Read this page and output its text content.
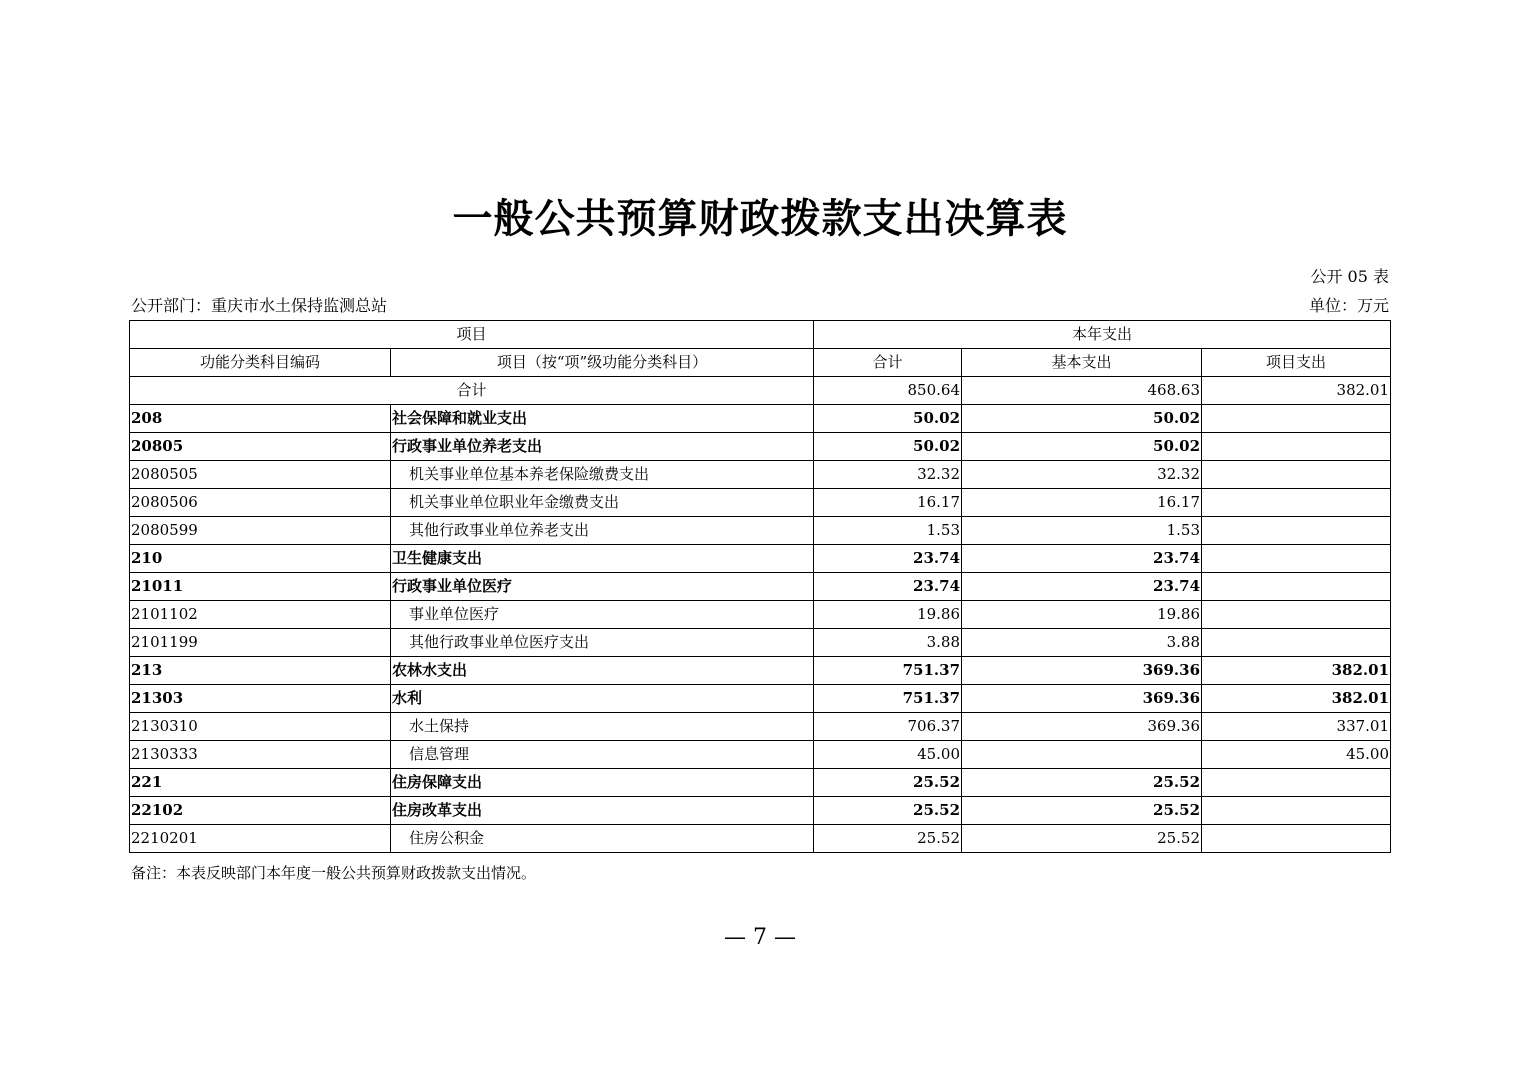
一般公共预算财政拨款支出决算表
公开 05 表
公开部门：重庆市水土保持监测总站	单位：万元
项目		本年支出		
功能分类科目编码	项目（按“项”级功能分类科目）	合计	基本支出	项目支出
合计		850.64	468.63	382.01
208	社会保障和就业支出	50.02	50.02	
20805	行政事业单位养老支出	50.02	50.02	
2080505	机关事业单位基本养老保险缴费支出	32.32	32.32	
2080506	机关事业单位职业年金缴费支出	16.17	16.17	
2080599	其他行政事业单位养老支出	1.53	1.53	
210	卫生健康支出	23.74	23.74	
21011	行政事业单位医疗	23.74	23.74	
2101102	事业单位医疗	19.86	19.86	
2101199	其他行政事业单位医疗支出	3.88	3.88	
213	农林水支出	751.37	369.36	382.01
21303	水利	751.37	369.36	382.01
2130310	水土保持	706.37	369.36	337.01
2130333	信息管理	45.00		45.00
221	住房保障支出	25.52	25.52	
22102	住房改革支出	25.52	25.52	
2210201	住房公积金	25.52	25.52	
备注：本表反映部门本年度一般公共预算财政拨款支出情况。
— 7 —
